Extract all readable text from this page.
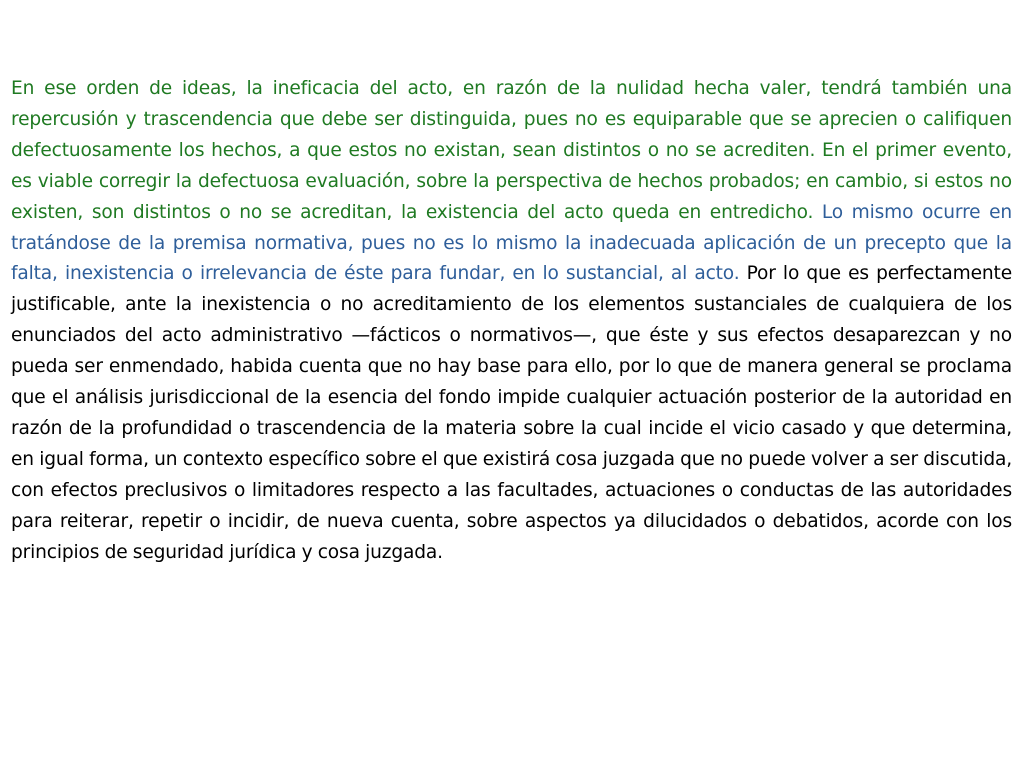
En ese orden de ideas, la ineficacia del acto, en razón de la nulidad hecha valer, tendrá también una repercusión y trascendencia que debe ser distinguida, pues no es equiparable que se aprecien o califiquen defectuosamente los hechos, a que estos no existan, sean distintos o no se acrediten. En el primer evento, es viable corregir la defectuosa evaluación, sobre la perspectiva de hechos probados; en cambio, si estos no existen, son distintos o no se acreditan, la existencia del acto queda en entredicho. Lo mismo ocurre en tratándose de la premisa normativa, pues no es lo mismo la inadecuada aplicación de un precepto que la falta, inexistencia o irrelevancia de éste para fundar, en lo sustancial, al acto. Por lo que es perfectamente justificable, ante la inexistencia o no acreditamiento de los elementos sustanciales de cualquiera de los enunciados del acto administrativo —fácticos o normativos—, que éste y sus efectos desaparezcan y no pueda ser enmendado, habida cuenta que no hay base para ello, por lo que de manera general se proclama que el análisis jurisdiccional de la esencia del fondo impide cualquier actuación posterior de la autoridad en razón de la profundidad o trascendencia de la materia sobre la cual incide el vicio casado y que determina, en igual forma, un contexto específico sobre el que existirá cosa juzgada que no puede volver a ser discutida, con efectos preclusivos o limitadores respecto a las facultades, actuaciones o conductas de las autoridades para reiterar, repetir o incidir, de nueva cuenta, sobre aspectos ya dilucidados o debatidos, acorde con los principios de seguridad jurídica y cosa juzgada.
